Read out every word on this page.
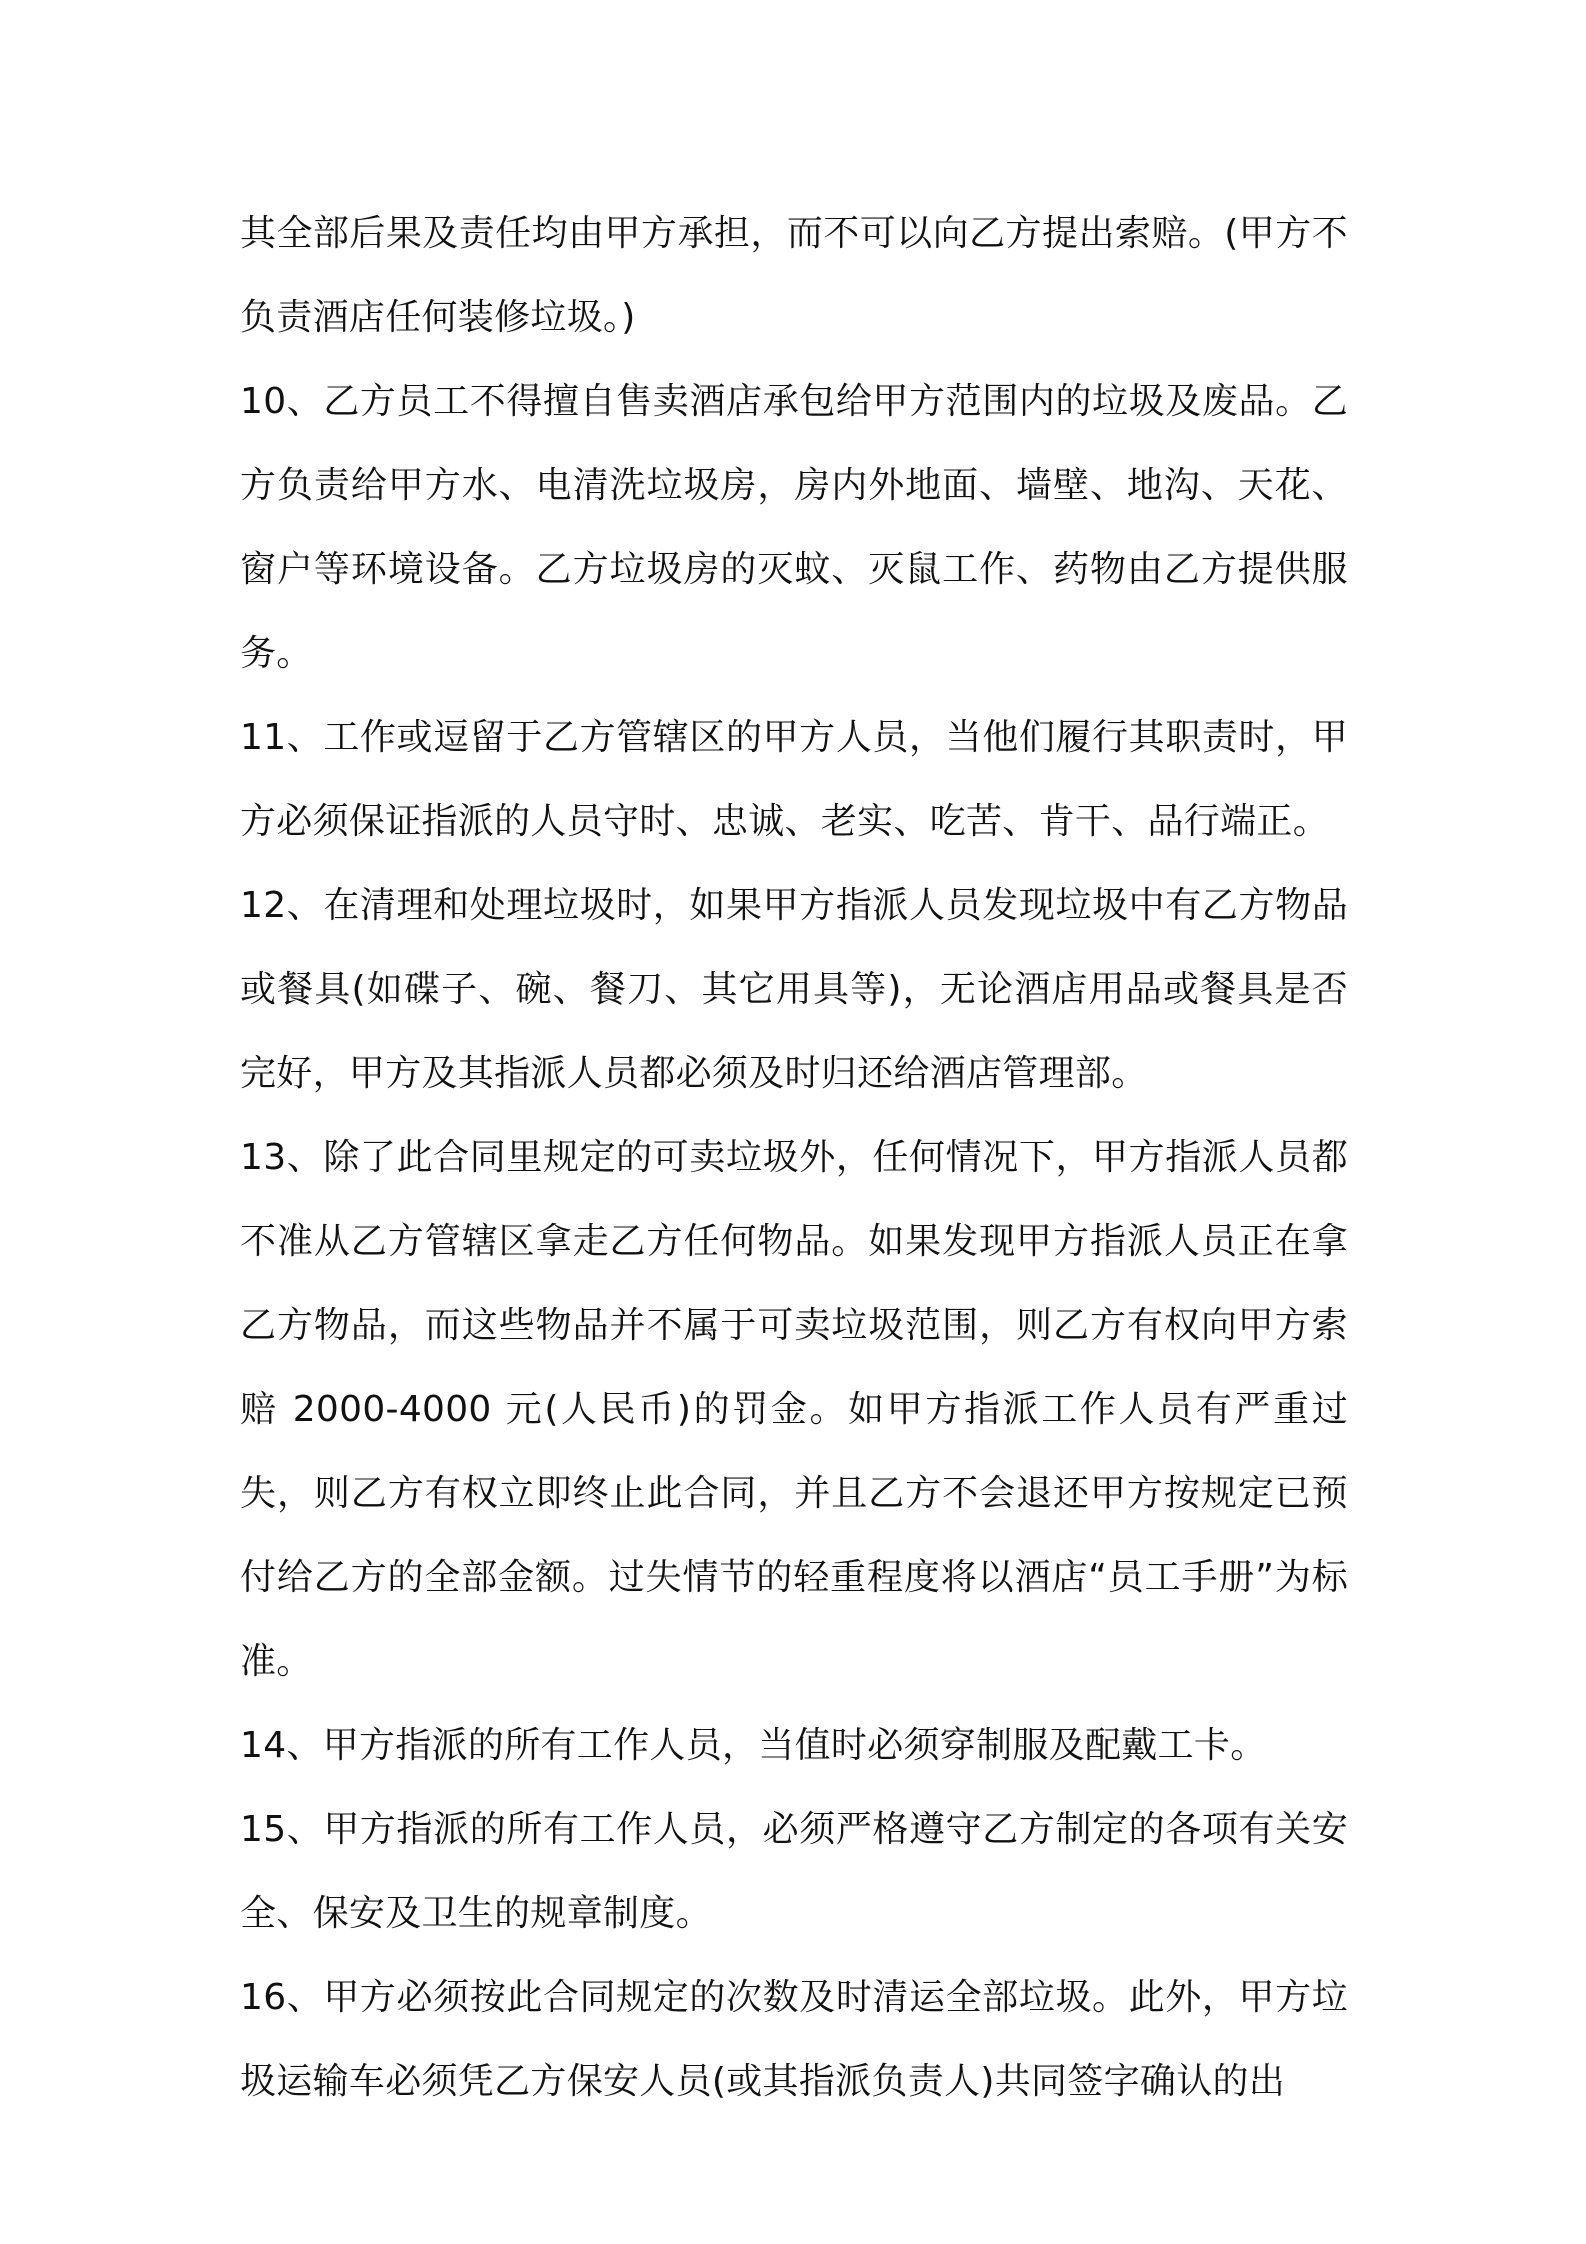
其全部后果及责任均由甲方承担，而不可以向乙方提出索赔。(甲方不负责酒店任何装修垃圾。)

10、乙方员工不得擅自售卖酒店承包给甲方范围内的垃圾及废品。乙方负责给甲方水、电清洗垃圾房，房内外地面、墙壁、地沟、天花、窗户等环境设备。乙方垃圾房的灭蚊、灭鼠工作、药物由乙方提供服务。

11、工作或逗留于乙方管辖区的甲方人员，当他们履行其职责时，甲方必须保证指派的人员守时、忠诚、老实、吃苦、肯干、品行端正。

12、在清理和处理垃圾时，如果甲方指派人员发现垃圾中有乙方物品或餐具(如碟子、碗、餐刀、其它用具等)，无论酒店用品或餐具是否完好，甲方及其指派人员都必须及时归还给酒店管理部。

13、除了此合同里规定的可卖垃圾外，任何情况下，甲方指派人员都不准从乙方管辖区拿走乙方任何物品。如果发现甲方指派人员正在拿乙方物品，而这些物品并不属于可卖垃圾范围，则乙方有权向甲方索赔 2000-4000 元(人民币)的罚金。如甲方指派工作人员有严重过失，则乙方有权立即终止此合同，并且乙方不会退还甲方按规定已预付给乙方的全部金额。过失情节的轻重程度将以酒店“员工手册”为标准。

14、甲方指派的所有工作人员，当值时必须穿制服及配戴工卡。

15、甲方指派的所有工作人员，必须严格遵守乙方制定的各项有关安全、保安及卫生的规章制度。

16、甲方必须按此合同规定的次数及时清运全部垃圾。此外，甲方垃圾运输车必须凭乙方保安人员(或其指派负责人)共同签字确认的出
